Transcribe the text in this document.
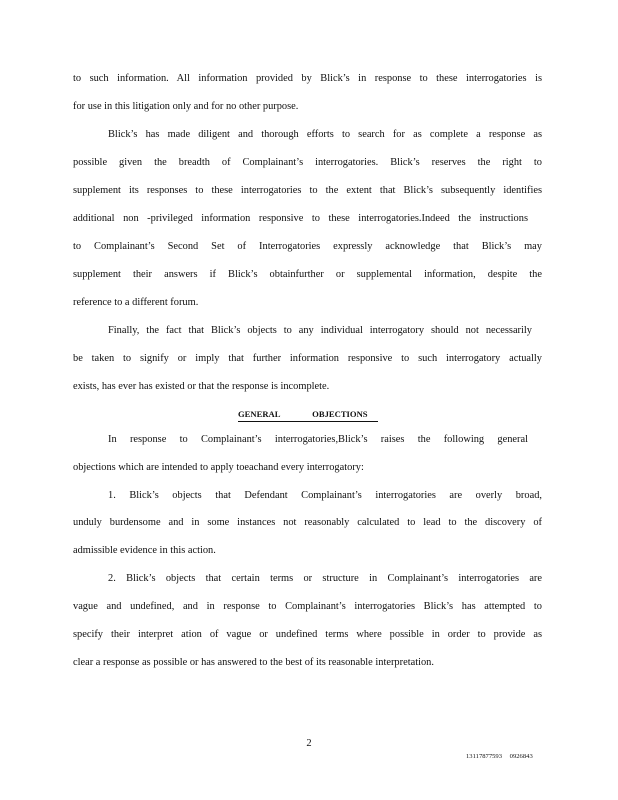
to such information. All information provided by Blick’s in response to these interrogatories is
for use in this litigation only and for no other purpose.
Blick’s has made diligent and thorough efforts to search for as complete a response as
possible given the breadth of Complainant’s interrogatories. Blick’s reserves the right to
supplement its responses to these interrogatories to the extent that Blick’s subsequently identifies
additional non -privileged information responsive to these interrogatories.Indeed the instructions
to Complainant’s Second Set of Interrogatories expressly acknowledge that Blick’s may
supplement their answers if Blick’s obtainfurther or supplemental information, despite the
reference to a different forum.
Finally, the fact that Blick’s objects to any individual interrogatory should not necessarily
be taken to signify or imply that further information responsive to such interrogatory actually
exists, has ever has existed or that the response is incomplete.
GENERAL OBJECTIONS
In response to Complainant’s interrogatories,Blick’s raises the following general
objections which are intended to apply toeachand every interrogatory:
1. Blick’s objects that Defendant Complainant’s interrogatories are overly broad,
unduly burdensome and in some instances not reasonably calculated to lead to the discovery of
admissible evidence in this action.
2. Blick’s objects that certain terms or structure in Complainant’s interrogatories are
vague and undefined, and in response to Complainant’s interrogatories Blick’s has attempted to
specify their interpret ation of vague or undefined terms where possible in order to provide as
clear a response as possible or has answered to the best of its reasonable interpretation.
2
13117877593 0926843
